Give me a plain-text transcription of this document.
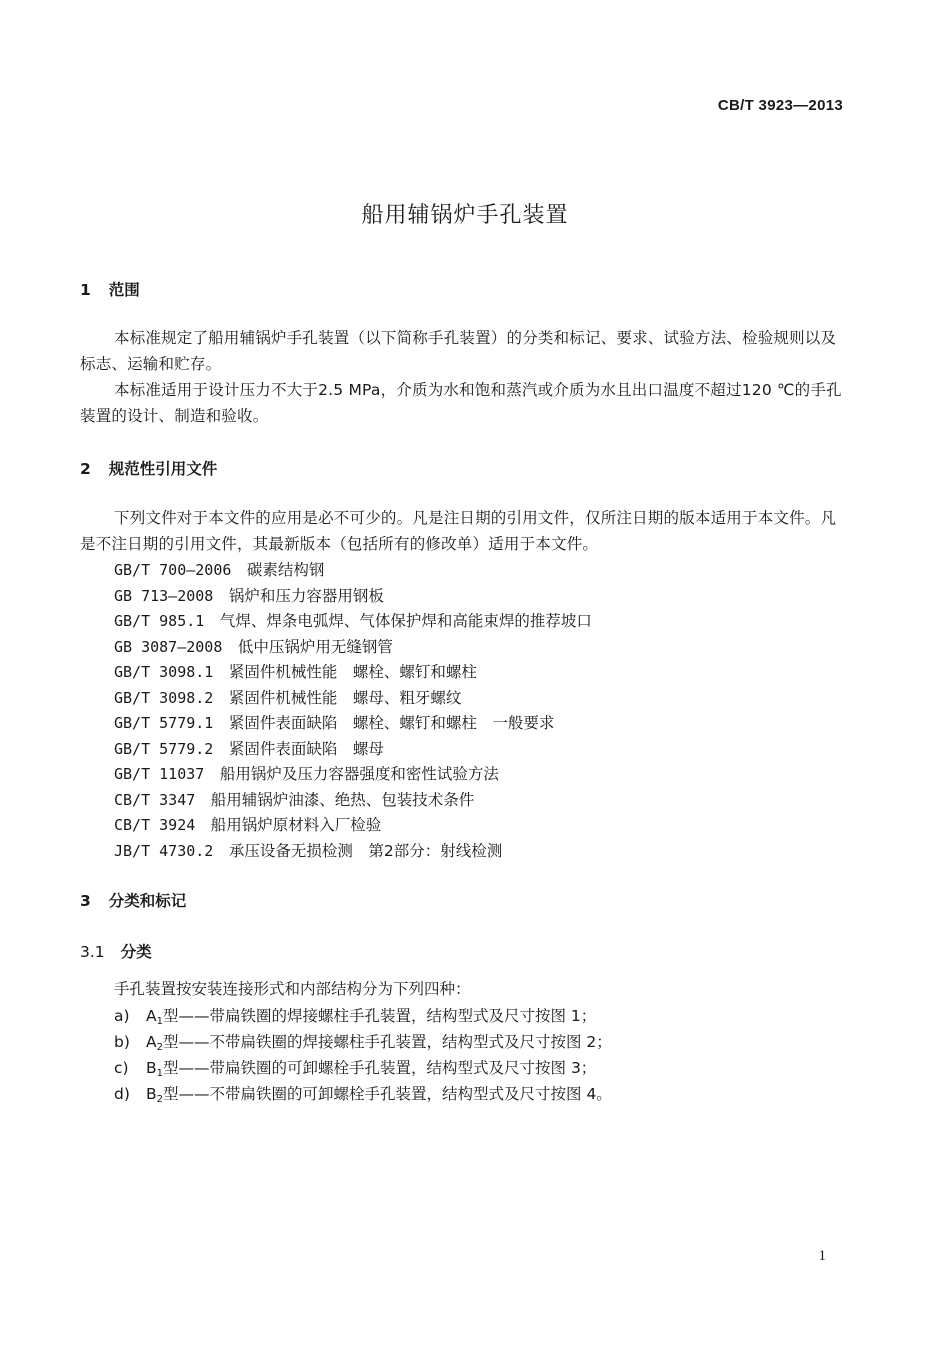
CB/T 3923—2013
船用辅锅炉手孔装置
1 范围
本标准规定了船用辅锅炉手孔装置（以下简称手孔装置）的分类和标记、要求、试验方法、检验规则以及标志、运输和贮存。
本标准适用于设计压力不大于2.5 MPa，介质为水和饱和蒸汽或介质为水且出口温度不超过120 ℃的手孔装置的设计、制造和验收。
2 规范性引用文件
下列文件对于本文件的应用是必不可少的。凡是注日期的引用文件，仅所注日期的版本适用于本文件。凡是不注日期的引用文件，其最新版本（包括所有的修改单）适用于本文件。
GB/T 700—2006　 碳素结构钢
GB 713—2008　 锅炉和压力容器用钢板
GB/T 985.1　 气焊、焊条电弧焊、气体保护焊和高能束焊的推荐坡口
GB 3087—2008　 低中压锅炉用无缝钢管
GB/T 3098.1　 紧固件机械性能　螺栓、螺钉和螺柱
GB/T 3098.2　 紧固件机械性能　螺母、粗牙螺纹
GB/T 5779.1　 紧固件表面缺陷　螺栓、螺钉和螺柱　一般要求
GB/T 5779.2　 紧固件表面缺陷　螺母
GB/T 11037　 船用锅炉及压力容器强度和密性试验方法
CB/T 3347　 船用辅锅炉油漆、绝热、包装技术条件
CB/T 3924　 船用锅炉原材料入厂检验
JB/T 4730.2　 承压设备无损检测　第2部分：射线检测
3 分类和标记
3.1 分类
手孔装置按安装连接形式和内部结构分为下列四种：
a) $A_1$型——带扁铁圈的焊接螺柱手孔装置，结构型式及尺寸按图 1；
b) $A_2$型——不带扁铁圈的焊接螺柱手孔装置，结构型式及尺寸按图 2；
c) $B_1$型——带扁铁圈的可卸螺栓手孔装置，结构型式及尺寸按图 3；
d) $B_2$型——不带扁铁圈的可卸螺栓手孔装置，结构型式及尺寸按图 4。
1
